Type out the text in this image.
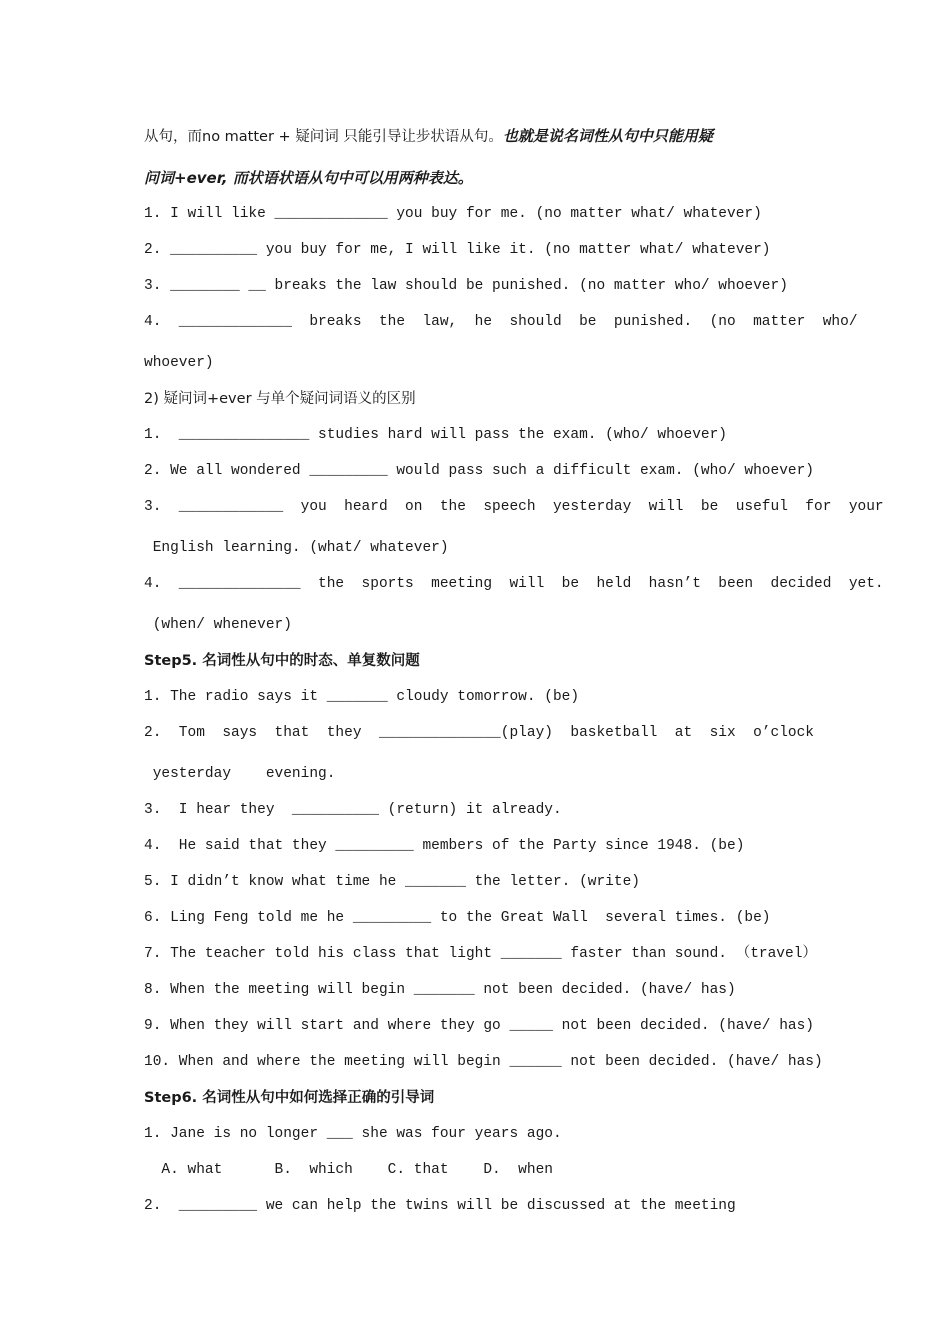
从句，而no matter + 疑问词 只能引导让步状语从句。也就是说名词性从句中只能用疑
问词+ever, 而状语状语从句中可以用两种表达。
1. I will like _____________ you buy for me. (no matter what/ whatever)
2. __________ you buy for me, I will like it. (no matter what/ whatever)
3. ________ __ breaks the law should be punished. (no matter who/ whoever)
4.  _____________  breaks  the  law,  he  should  be  punished.  (no  matter  who/
whoever)
2) 疑问词+ever 与单个疑问词语义的区别
1.  _______________ studies hard will pass the exam. (who/ whoever)
2. We all wondered _________ would pass such a difficult exam. (who/ whoever)
3.  ____________  you  heard  on  the  speech  yesterday  will  be  useful  for  your
English learning. (what/ whatever)
4.  ______________  the  sports  meeting  will  be  held  hasn’t  been  decided  yet.
(when/ whenever)
Step5. 名词性从句中的时态、单复数问题
1. The radio says it _______ cloudy tomorrow. (be)
2.  Tom  says  that  they  ______________(play)  basketball  at  six  o’clock
yesterday    evening.
3.  I hear they  __________ (return) it already.
4.  He said that they _________ members of the Party since 1948. (be)
5. I didn’t know what time he _______ the letter. (write)
6. Ling Feng told me he _________ to the Great Wall  several times. (be)
7. The teacher told his class that light _______ faster than sound. （travel）
8. When the meeting will begin _______ not been decided. (have/ has)
9. When they will start and where they go _____ not been decided. (have/ has)
10. When and where the meeting will begin ______ not been decided. (have/ has)
Step6. 名词性从句中如何选择正确的引导词
1. Jane is no longer ___ she was four years ago.
A. what      B.  which    C. that    D.  when
2.  _________ we can help the twins will be discussed at the meeting
